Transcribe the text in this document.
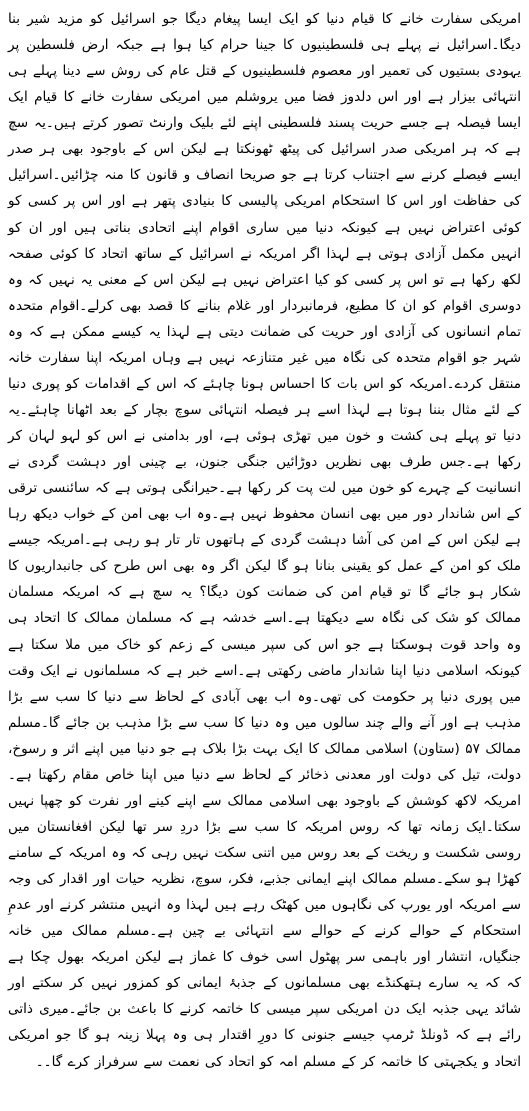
امریکی سفارت خانے کا قیام دنیا کو ایک ایسا پیغام دیگا جو اسرائیل کو مزید شیر بنا دیگا۔اسرائیل نے پہلے ہی فلسطینیوں کا جینا حرام کیا ہوا ہے جبکہ ارض فلسطین پر یہودی بستیوں کی تعمیر اور معصوم فلسطینیوں کے قتل عام کی روش سے دینا پہلے ہی انتہائی بیزار ہے اور اس دلدوز فضا میں یروشلم میں امریکی سفارت خانے کا قیام ایک ایسا فیصلہ ہے جسے حریت پسند فلسطینی اپنے لئے بلیک وارنٹ تصور کرتے ہیں۔یہ سچ ہے کہ ہر امریکی صدر اسرائیل کی پیٹھ ٹھونکتا ہے لیکن اس کے باوجود بھی ہر صدر ایسے فیصلے کرنے سے اجتناب کرتا ہے جو صریحا انصاف و قانون کا منہ چڑائیں۔اسرائیل کی حفاظت اور اس کا استحکام امریکی پالیسی کا بنیادی پتھر ہے اور اس پر کسی کو کوئی اعتراض نہیں ہے کیونکہ دنیا میں ساری اقوام اپنے اتحادی بناتی ہیں اور ان کو انہیں مکمل آزادی ہوتی ہے لہذا اگر امریکہ نے اسرائیل کے ساتھ اتحاد کا کوئی صفحہ لکھ رکھا ہے تو اس پر کسی کو کیا اعتراض نہیں ہے لیکن اس کے معنی یہ نہیں کہ وہ دوسری اقوام کو ان کا مطیع، فرمانبردار اور غلام بنانے کا قصد بھی کرلے۔اقوام متحدہ تمام انسانوں کی آزادی اور حریت کی ضمانت دیتی ہے لہذا یہ کیسے ممکن ہے کہ وہ شہر جو اقوام متحدہ کی نگاہ میں غیر متنازعہ نہیں ہے وہاں امریکہ اپنا سفارت خانہ منتقل کردے۔امریکہ کو اس بات کا احساس ہونا چاہئے کہ اس کے اقدامات کو پوری دنیا کے لئے مثال بننا ہوتا ہے لہذا اسے ہر فیصلہ انتہائی سوچ بچار کے بعد اٹھانا چاہئے۔یہ دنیا تو پہلے ہی کشت و خون میں تھڑی ہوئی ہے، اور بدامنی نے اس کو لہو لہان کر رکھا ہے۔جس طرف بھی نظریں دوڑائیں جنگی جنون، بے چینی اور دہشت گردی نے انسانیت کے چہرے کو خون میں لت پت کر رکھا ہے۔حیرانگی ہوتی ہے کہ سائنسی ترقی کے اس شاندار دور میں بھی انسان محفوظ نہیں ہے۔وہ اب بھی امن کے خواب دیکھ رہا ہے لیکن اس کے امن کی آشا دہشت گردی کے ہاتھوں تار تار ہو رہی ہے۔امریکہ جیسے ملک کو امن کے عمل کو یقینی بنانا ہو گا لیکن اگر وہ بھی اس طرح کی جانبداریوں کا شکار ہو جائے گا تو قیام امن کی ضمانت کون دیگا؟ یہ سچ ہے کہ امریکہ مسلمان ممالک کو شک کی نگاہ سے دیکھتا ہے۔اسے خدشہ ہے کہ مسلمان ممالک کا اتحاد ہی وہ واحد قوت ہوسکتا ہے جو اس کی سپر میسی کے زعم کو خاک میں ملا سکتا ہے کیونکہ اسلامی دنیا اپنا شاندار ماضی رکھتی ہے۔اسے خبر ہے کہ مسلمانوں نے ایک وقت میں پوری دنیا پر حکومت کی تھی۔وہ اب بھی آبادی کے لحاظ سے دنیا کا سب سے بڑا مذہب ہے اور آنے والے چند سالوں میں وہ دنیا کا سب سے بڑا مذہب بن جائے گا۔مسلم ممالک ۵۷ (ستاون) اسلامی ممالک کا ایک بہت بڑا بلاک ہے جو دنیا میں اپنے اثر و رسوخ، دولت، تیل کی دولت اور معدنی ذخائر کے لحاظ سے دنیا میں اپنا خاص مقام رکھتا ہے۔امریکہ لاکھ کوشش کے باوجود بھی اسلامی ممالک سے اپنے کینے اور نفرت کو چھپا نہیں سکتا۔ایک زمانہ تھا کہ روس امریکہ کا سب سے بڑا دردِ سر تھا لیکن افغانستان میں روسی شکست و ریخت کے بعد روس میں اتنی سکت نہیں رہی کہ وہ امریکہ کے سامنے کھڑا ہو سکے۔مسلم ممالک اپنے ایمانی جذبے، فکر، سوچ، نظریہ حیات اور اقدار کی وجہ سے امریکہ اور یورپ کی نگاہوں میں کھٹک رہے ہیں لہذا وہ انہیں منتشر کرنے اور عدمِ استحکام کے حوالے کرنے کے حوالے سے انتہائی بے چین ہے۔مسلم ممالک میں خانہ جنگیاں، انتشار اور باہمی سر پھٹول اسی خوف کا غماز ہے لیکن امریکہ بھول چکا ہے کہ کہ یہ سارے ہتھکنڈے بھی مسلمانوں کے جذبۂ ایمانی کو کمزور نہیں کر سکتے اور شائد یہی جذبہ ایک دن امریکی سپر میسی کا خاتمہ کرنے کا باعث بن جائے۔میری ذاتی رائے ہے کہ ڈونلڈ ٹرمپ جیسے جنونی کا دورِ اقتدار ہی وہ پہلا زینہ ہو گا جو امریکی اتحاد و یکجہتی کا خاتمہ کر کے مسلم امہ کو اتحاد کی نعمت سے سرفراز کرے گا۔۔
